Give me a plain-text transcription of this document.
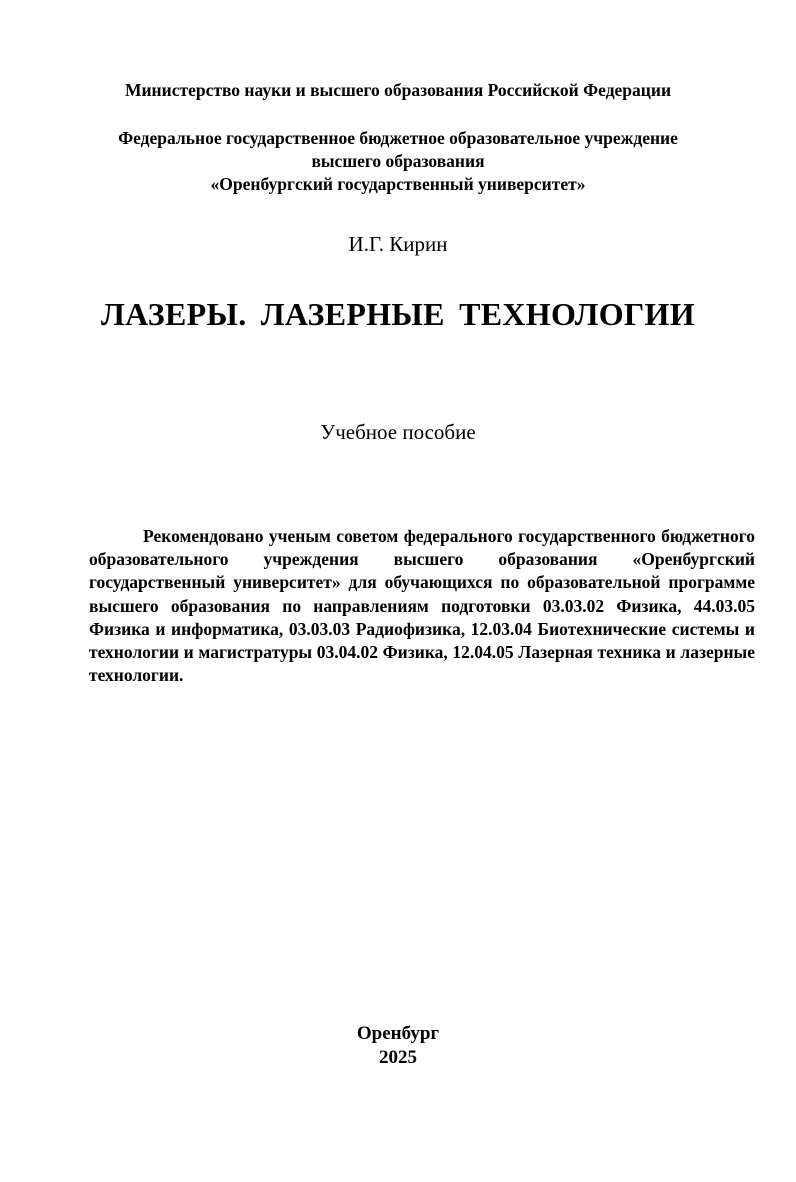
Министерство науки и высшего образования Российской Федерации
Федеральное государственное бюджетное образовательное учреждение
высшего образования
«Оренбургский государственный университет»
И.Г. Кирин
ЛАЗЕРЫ. ЛАЗЕРНЫЕ ТЕХНОЛОГИИ
Учебное пособие

Рекомендовано ученым советом федерального государственного бюджетного образовательного учреждения высшего образования «Оренбургский государственный университет» для обучающихся по образовательной программе высшего образования по направлениям подготовки 03.03.02 Физика, 44.03.05 Физика и информатика, 03.03.03 Радиофизика, 12.03.04 Биотехнические системы и технологии и магистратуры 03.04.02 Физика, 12.04.05 Лазерная техника и лазерные технологии.

Оренбург
2025
